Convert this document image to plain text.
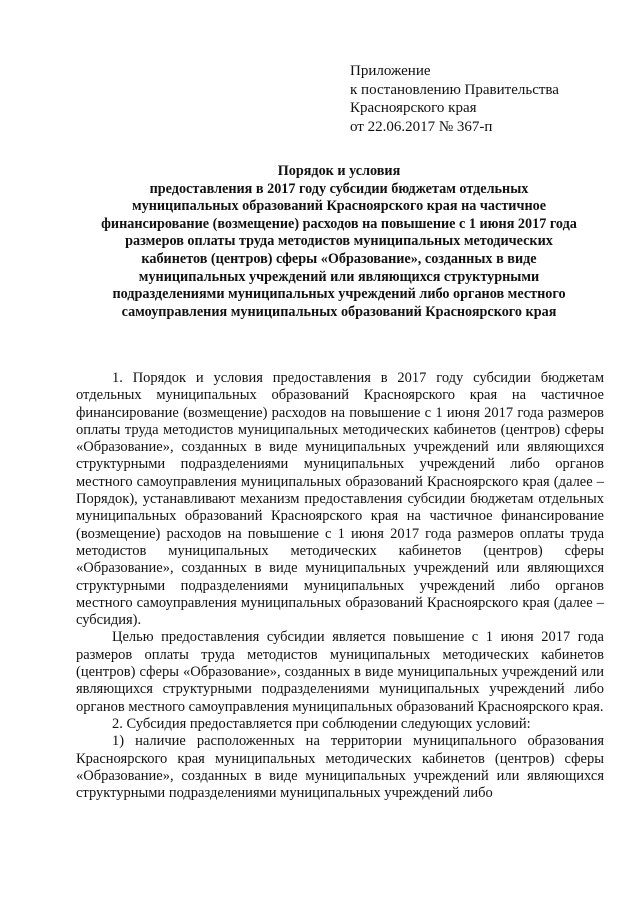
Приложение
к постановлению Правительства
Красноярского края
от 22.06.2017 № 367-п
Порядок и условия
предоставления в 2017 году субсидии бюджетам отдельных
муниципальных образований Красноярского края на частичное
финансирование (возмещение) расходов на повышение с 1 июня 2017 года
размеров оплаты труда методистов муниципальных методических
кабинетов (центров) сферы «Образование», созданных в виде
муниципальных учреждений или являющихся структурными
подразделениями муниципальных учреждений либо органов местного
самоуправления муниципальных образований Красноярского края

1. Порядок и условия предоставления в 2017 году субсидии бюджетам отдельных муниципальных образований Красноярского края на частичное финансирование (возмещение) расходов на повышение с 1 июня 2017 года размеров оплаты труда методистов муниципальных методических кабинетов (центров) сферы «Образование», созданных в виде муниципальных учреждений или являющихся структурными подразделениями муниципальных учреждений либо органов местного самоуправления муниципальных образований Красноярского края (далее – Порядок), устанавливают механизм предоставления субсидии бюджетам отдельных муниципальных образований Красноярского края на частичное финансирование (возмещение) расходов на повышение с 1 июня 2017 года размеров оплаты труда методистов муниципальных методических кабинетов (центров) сферы «Образование», созданных в виде муниципальных учреждений или являющихся структурными подразделениями муниципальных учреждений либо органов местного самоуправления муниципальных образований Красноярского края (далее – субсидия).

Целью предоставления субсидии является повышение с 1 июня 2017 года размеров оплаты труда методистов муниципальных методических кабинетов (центров) сферы «Образование», созданных в виде муниципальных учреждений или являющихся структурными подразделениями муниципальных учреждений либо органов местного самоуправления муниципальных образований Красноярского края.

2. Субсидия предоставляется при соблюдении следующих условий:

1) наличие расположенных на территории муниципального образования Красноярского края муниципальных методических кабинетов (центров) сферы «Образование», созданных в виде муниципальных учреждений или являющихся структурными подразделениями муниципальных учреждений либо
